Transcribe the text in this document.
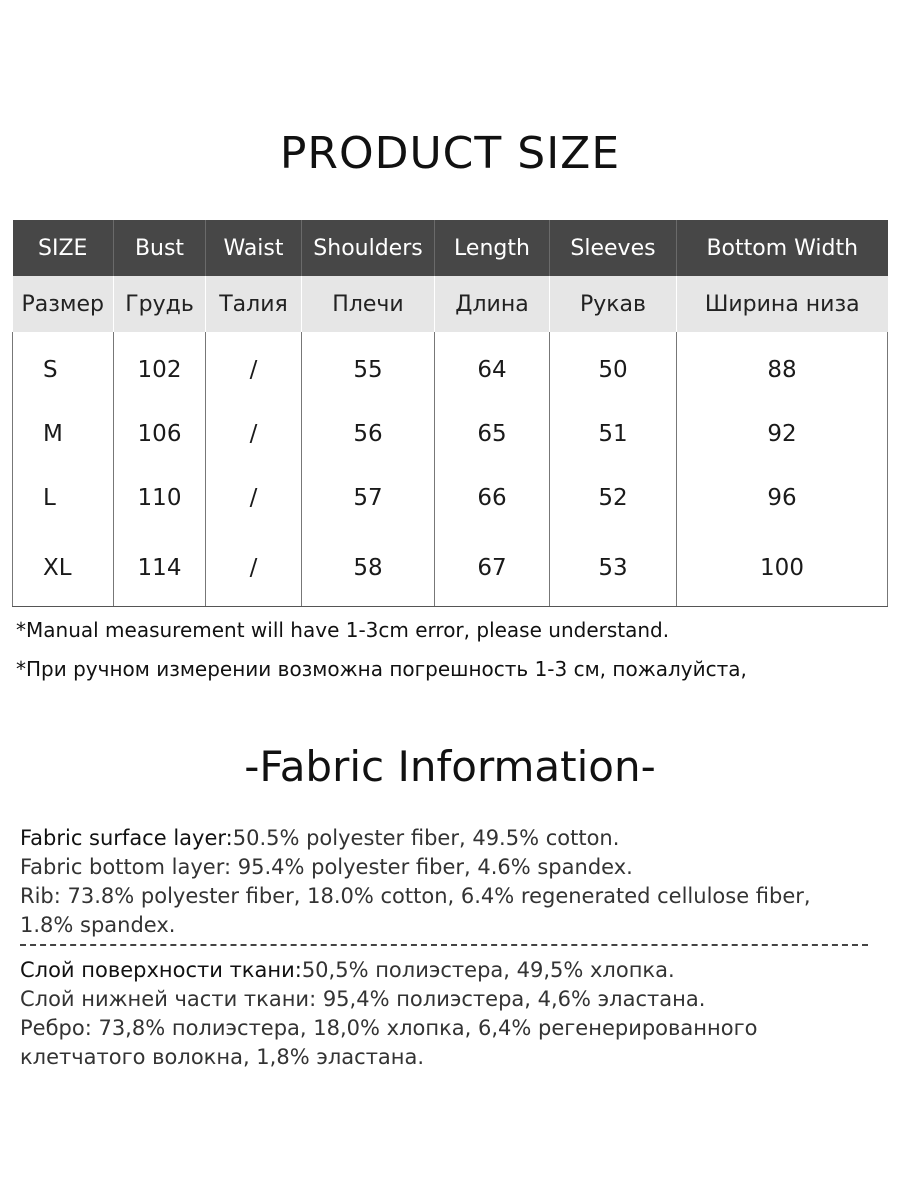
PRODUCT SIZE
SIZE	Bust	Waist	Shoulders	Length	Sleeves	Bottom Width
Размер	Грудь	Талия	Плечи	Длина	Рукав	Ширина низа
S	102	/	55	64	50	88
M	106	/	56	65	51	92
L	110	/	57	66	52	96
XL	114	/	58	67	53	100
*Manual measurement will have 1-3cm error, please understand.
*При ручном измерении возможна погрешность 1-3 см, пожалуйста,
-Fabric Information-
Fabric surface layer:50.5% polyester fiber, 49.5% cotton.
Fabric bottom layer: 95.4% polyester fiber, 4.6% spandex.
Rib: 73.8% polyester fiber, 18.0% cotton, 6.4% regenerated cellulose fiber, 1.8% spandex.
Слой поверхности ткани:50,5% полиэстера, 49,5% хлопка.
Слой нижней части ткани: 95,4% полиэстера, 4,6% эластана.
Ребро: 73,8% полиэстера, 18,0% хлопка, 6,4% регенерированного клетчатого волокна, 1,8% эластана.
